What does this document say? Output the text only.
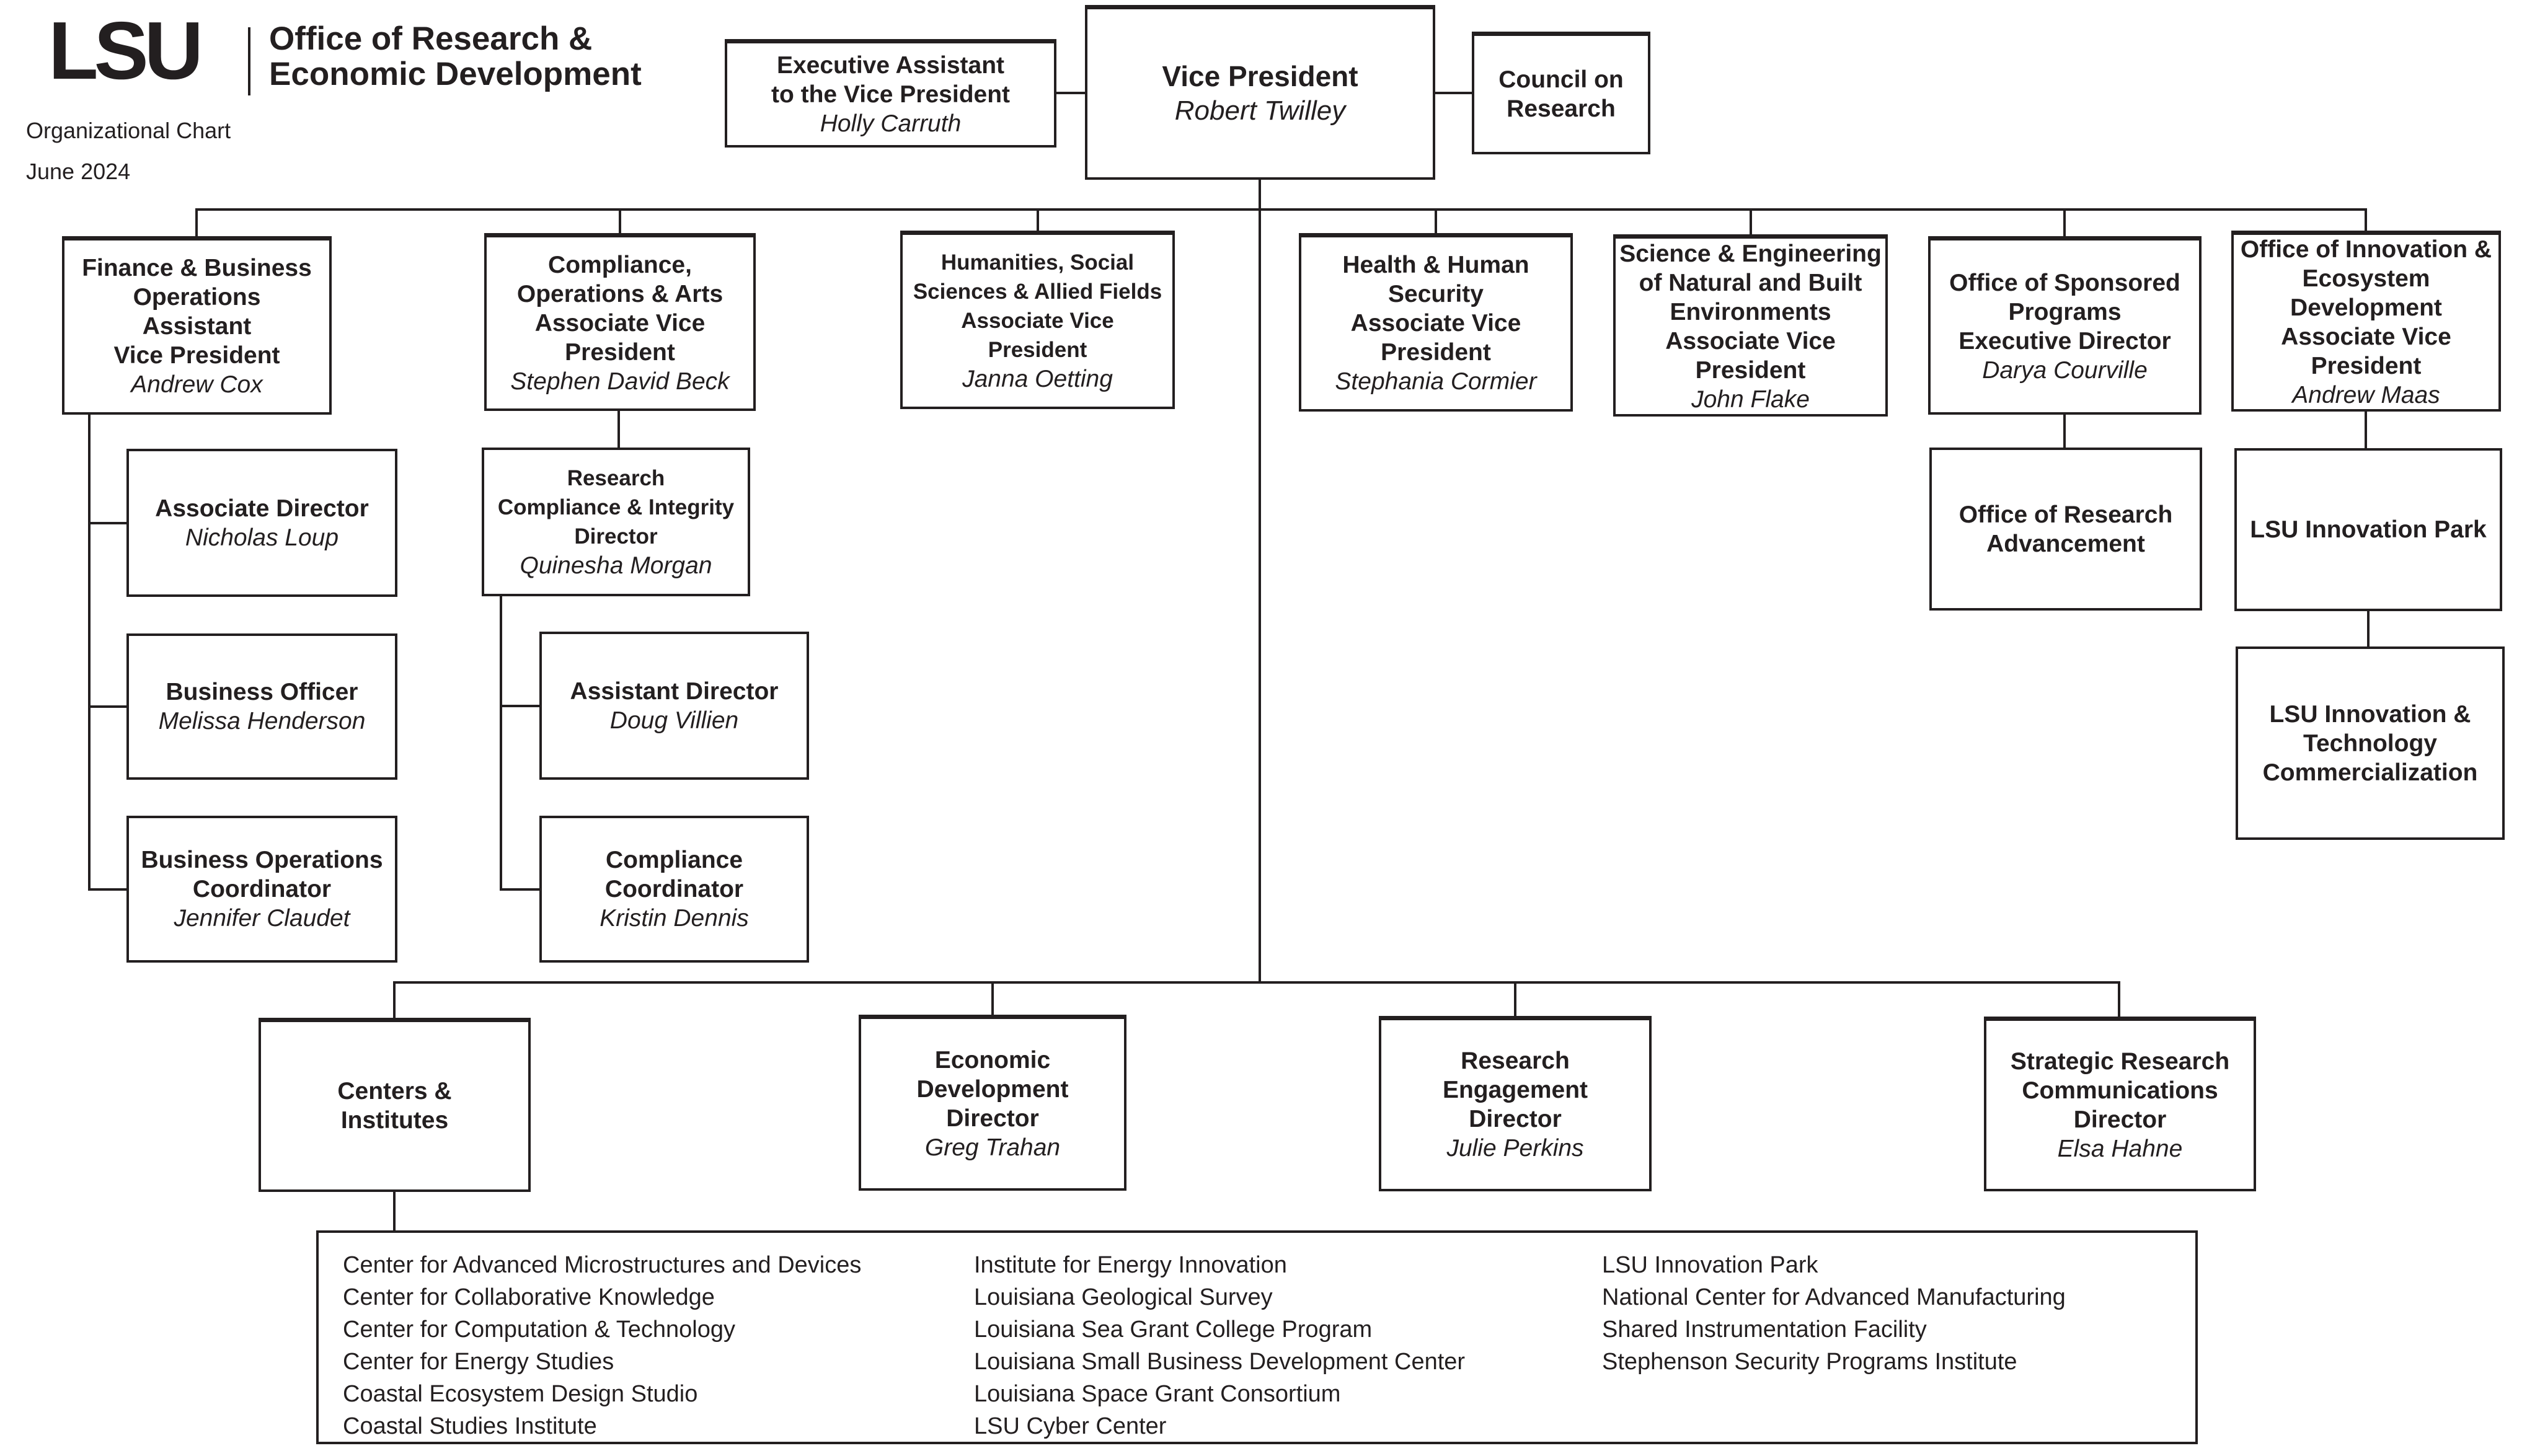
LSU Office of Research &
Economic Development
Organizational Chart
June 2024
Executive Assistant
to the Vice President
Holly Carruth
Vice President
Robert Twilley
Council on
Research
Finance & Business
Operations
Assistant
Vice President
Andrew Cox
Compliance,
Operations & Arts
Associate Vice
President
Stephen David Beck
Humanities, Social
Sciences & Allied Fields
Associate Vice
President
Janna Oetting
Health & Human
Security
Associate Vice
President
Stephania Cormier
Science & Engineering
of Natural and Built
Environments
Associate Vice
President
John Flake
Office of Sponsored
Programs
Executive Director
Darya Courville
Office of Innovation &
Ecosystem
Development
Associate Vice
President
Andrew Maas
Associate Director
Nicholas Loup
Business Officer
Melissa Henderson
Business Operations
Coordinator
Jennifer Claudet
Research
Compliance & Integrity
Director
Quinesha Morgan
Assistant Director
Doug Villien
Compliance
Coordinator
Kristin Dennis
Office of Research
Advancement
LSU Innovation Park
LSU Innovation &
Technology
Commercialization
Centers &
Institutes
Economic
Development
Director
Greg Trahan
Research
Engagement
Director
Julie Perkins
Strategic Research
Communications
Director
Elsa Hahne
Center for Advanced Microstructures and Devices
Center for Collaborative Knowledge
Center for Computation & Technology
Center for Energy Studies
Coastal Ecosystem Design Studio
Coastal Studies Institute
Institute for Energy Innovation
Louisiana Geological Survey
Louisiana Sea Grant College Program
Louisiana Small Business Development Center
Louisiana Space Grant Consortium
LSU Cyber Center
LSU Innovation Park
National Center for Advanced Manufacturing
Shared Instrumentation Facility
Stephenson Security Programs Institute
